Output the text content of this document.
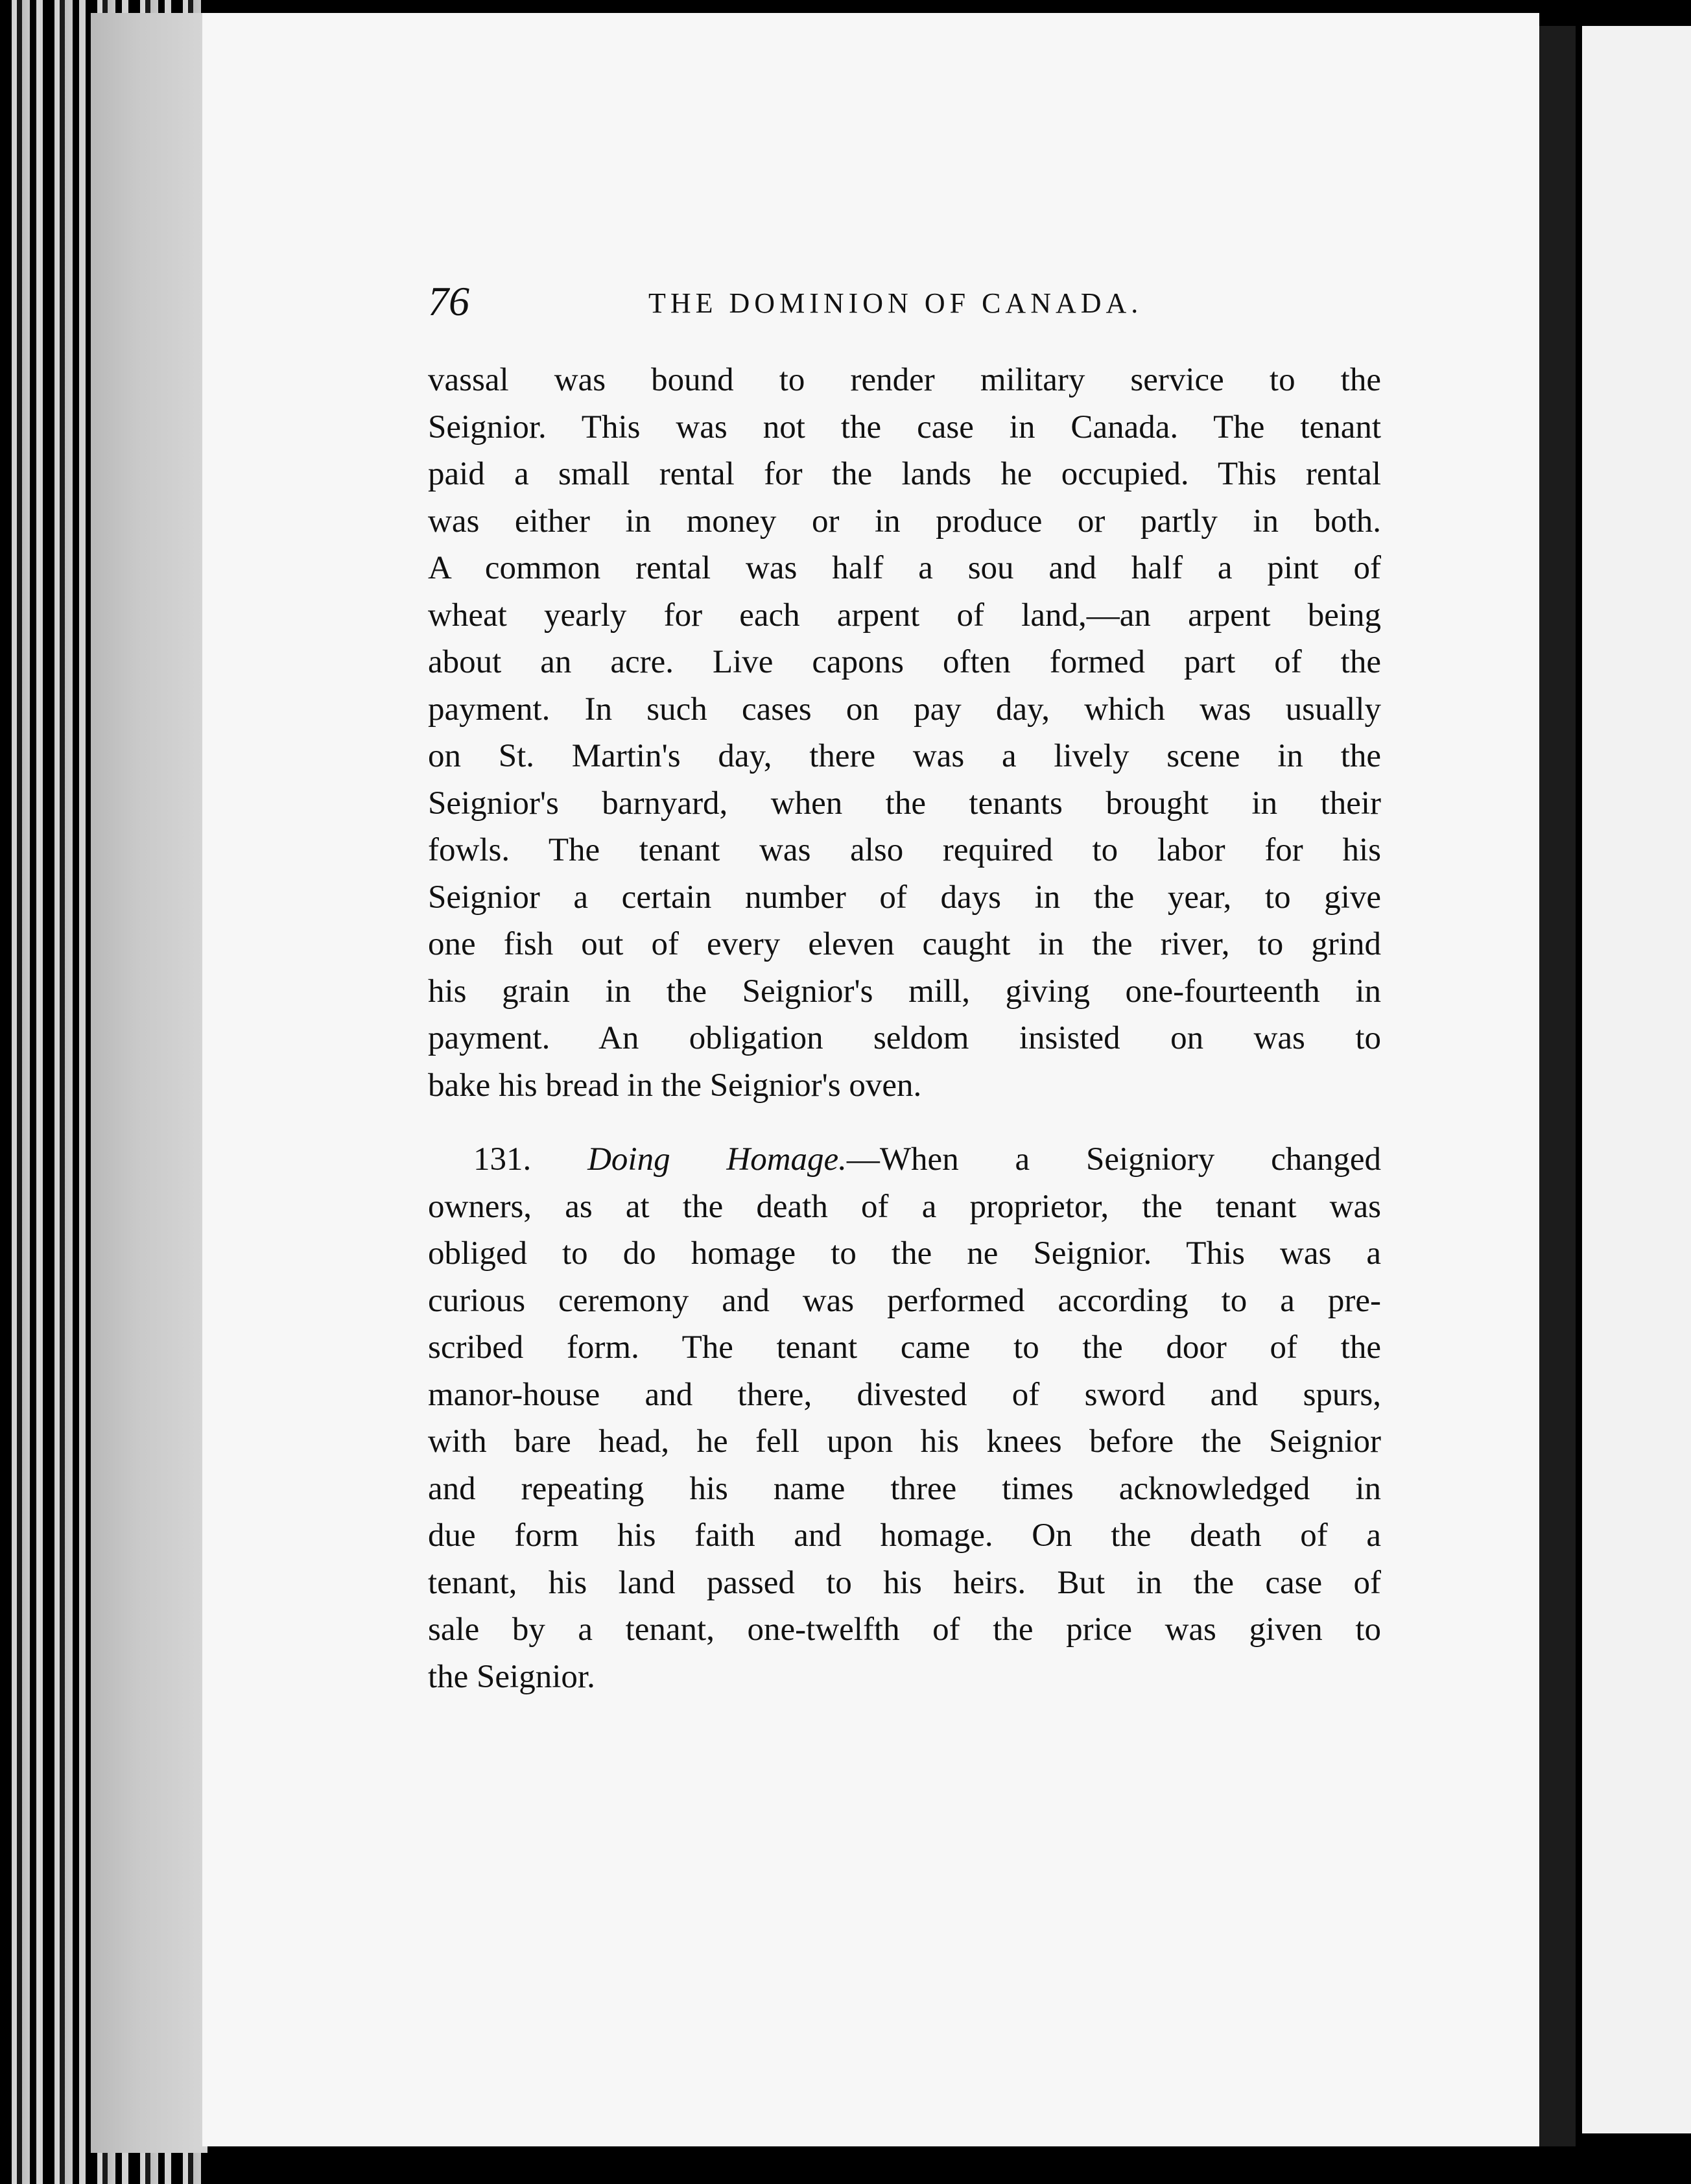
76	THE DOMINION OF CANADA.
vassal was bound to render military service to the
Seignior. This was not the case in Canada. The tenant
paid a small rental for the lands he occupied. This rental
was either in money or in produce or partly in both.
A common rental was half a sou and half a pint of
wheat yearly for each arpent of land,—an arpent being
about an acre. Live capons often formed part of the
payment. In such cases on pay day, which was usually
on St. Martin's day, there was a lively scene in the
Seignior's barnyard, when the tenants brought in their
fowls. The tenant was also required to labor for his
Seignior a certain number of days in the year, to give
one fish out of every eleven caught in the river, to grind
his grain in the Seignior's mill, giving one-fourteenth in
payment. An obligation seldom insisted on was to
bake his bread in the Seignior's oven.
131. Doing Homage.—When a Seigniory changed
owners, as at the death of a proprietor, the tenant was
obliged to do homage to the ne Seignior. This was a
curious ceremony and was performed according to a pre-
scribed form. The tenant came to the door of the
manor-house and there, divested of sword and spurs,
with bare head, he fell upon his knees before the Seignior
and repeating his name three times acknowledged in
due form his faith and homage. On the death of a
tenant, his land passed to his heirs. But in the case of
sale by a tenant, one-twelfth of the price was given to
the Seignior.
